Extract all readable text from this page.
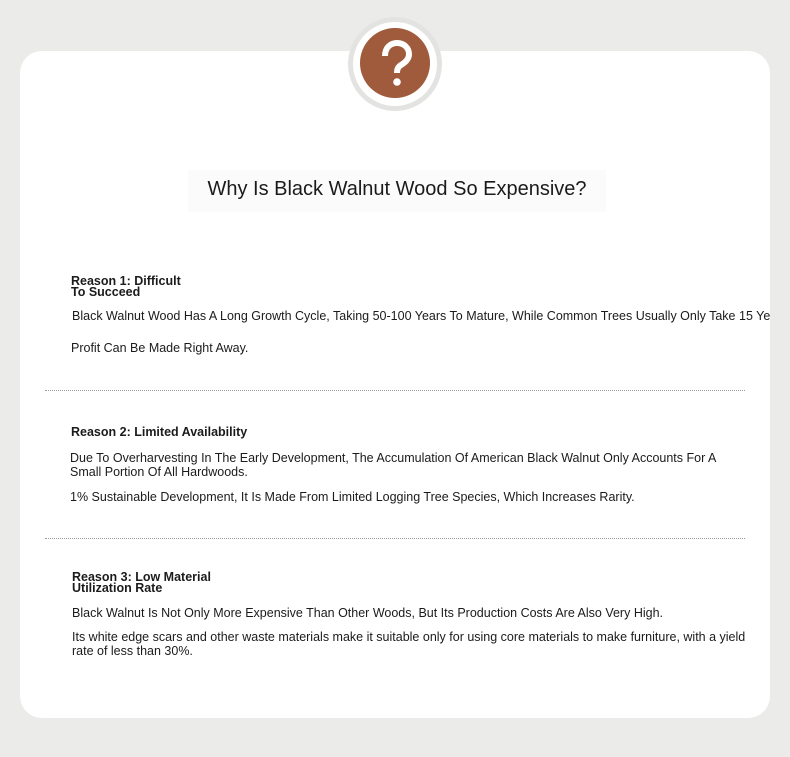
Why Is Black Walnut Wood So Expensive?
Reason 1: Difficult To Succeed

Black Walnut Wood Has A Long Growth Cycle, Taking 50-100 Years To Mature, While Common Trees Usually Only Take 15 Ye

Profit Can Be Made Right Away.

Reason 2: Limited Availability

Due To Overharvesting In The Early Development, The Accumulation Of American Black Walnut Only Accounts For A Small Portion Of All Hardwoods.

1% Sustainable Development, It Is Made From Limited Logging Tree Species, Which Increases Rarity.

Reason 3: Low Material Utilization Rate

Black Walnut Is Not Only More Expensive Than Other Woods, But Its Production Costs Are Also Very High.

Its white edge scars and other waste materials make it suitable only for using core materials to make furniture, with a yield rate of less than 30%.
